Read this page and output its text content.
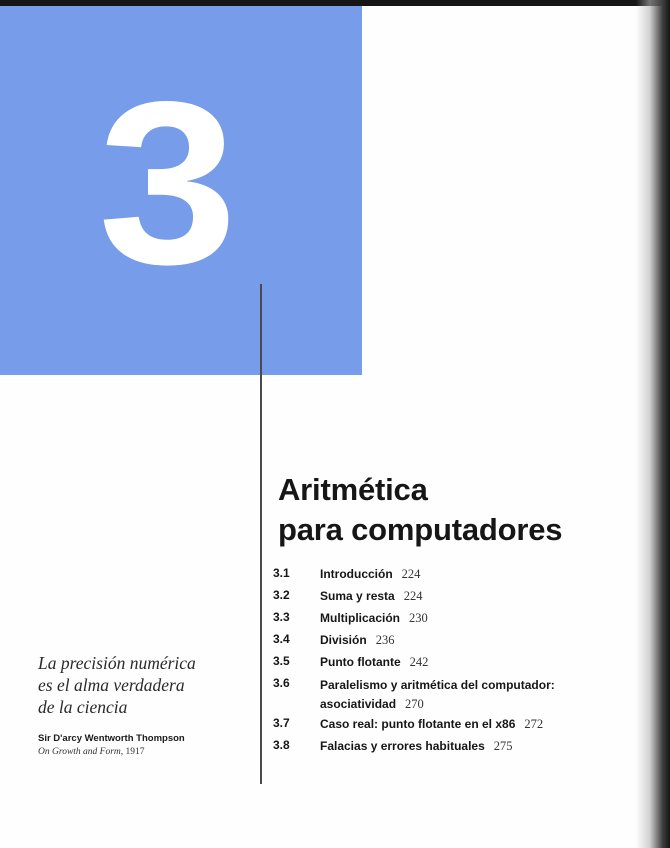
3
Aritmética
para computadores
3.1	Introducción 224
3.2	Suma y resta 224
3.3	Multiplicación 230
3.4	División 236
3.5	Punto flotante 242
3.6	Paralelismo y aritmética del computador:
asociatividad 270
3.7	Caso real: punto flotante en el x86 272
3.8	Falacias y errores habituales 275

La precisión numérica
es el alma verdadera
de la ciencia

Sir D'arcy Wentworth Thompson

On Growth and Form, 1917
